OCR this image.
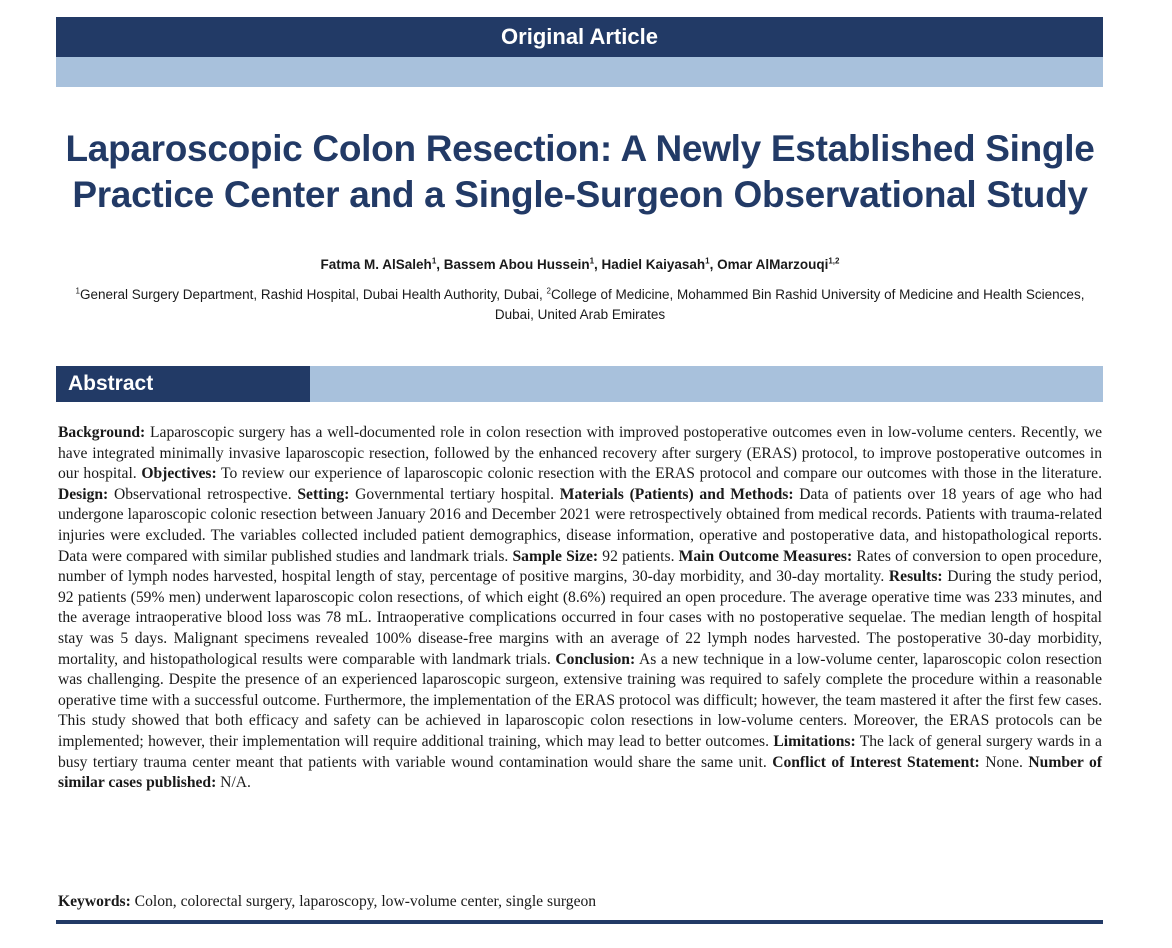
Original Article
Laparoscopic Colon Resection: A Newly Established Single Practice Center and a Single-Surgeon Observational Study
Fatma M. AlSaleh$^1$, Bassem Abou Hussein$^1$, Hadiel Kaiyasah$^1$, Omar AlMarzouqi$^{1,2}$
$^1$General Surgery Department, Rashid Hospital, Dubai Health Authority, Dubai, $^2$College of Medicine, Mohammed Bin Rashid University of Medicine and Health Sciences, Dubai, United Arab Emirates
Abstract
Background: Laparoscopic surgery has a well-documented role in colon resection with improved postoperative outcomes even in low-volume centers. Recently, we have integrated minimally invasive laparoscopic resection, followed by the enhanced recovery after surgery (ERAS) protocol, to improve postoperative outcomes in our hospital. Objectives: To review our experience of laparoscopic colonic resection with the ERAS protocol and compare our outcomes with those in the literature. Design: Observational retrospective. Setting: Governmental tertiary hospital. Materials (Patients) and Methods: Data of patients over 18 years of age who had undergone laparoscopic colonic resection between January 2016 and December 2021 were retrospectively obtained from medical records. Patients with trauma-related injuries were excluded. The variables collected included patient demographics, disease information, operative and postoperative data, and histopathological reports. Data were compared with similar published studies and landmark trials. Sample Size: 92 patients. Main Outcome Measures: Rates of conversion to open procedure, number of lymph nodes harvested, hospital length of stay, percentage of positive margins, 30-day morbidity, and 30-day mortality. Results: During the study period, 92 patients (59% men) underwent laparoscopic colon resections, of which eight (8.6%) required an open procedure. The average operative time was 233 minutes, and the average intraoperative blood loss was 78 mL. Intraoperative complications occurred in four cases with no postoperative sequelae. The median length of hospital stay was 5 days. Malignant specimens revealed 100% disease-free margins with an average of 22 lymph nodes harvested. The postoperative 30-day morbidity, mortality, and histopathological results were comparable with landmark trials. Conclusion: As a new technique in a low-volume center, laparoscopic colon resection was challenging. Despite the presence of an experienced laparoscopic surgeon, extensive training was required to safely complete the procedure within a reasonable operative time with a successful outcome. Furthermore, the implementation of the ERAS protocol was difficult; however, the team mastered it after the first few cases. This study showed that both efficacy and safety can be achieved in laparoscopic colon resections in low-volume centers. Moreover, the ERAS protocols can be implemented; however, their implementation will require additional training, which may lead to better outcomes. Limitations: The lack of general surgery wards in a busy tertiary trauma center meant that patients with variable wound contamination would share the same unit. Conflict of Interest Statement: None. Number of similar cases published: N/A.
Keywords: Colon, colorectal surgery, laparoscopy, low-volume center, single surgeon
